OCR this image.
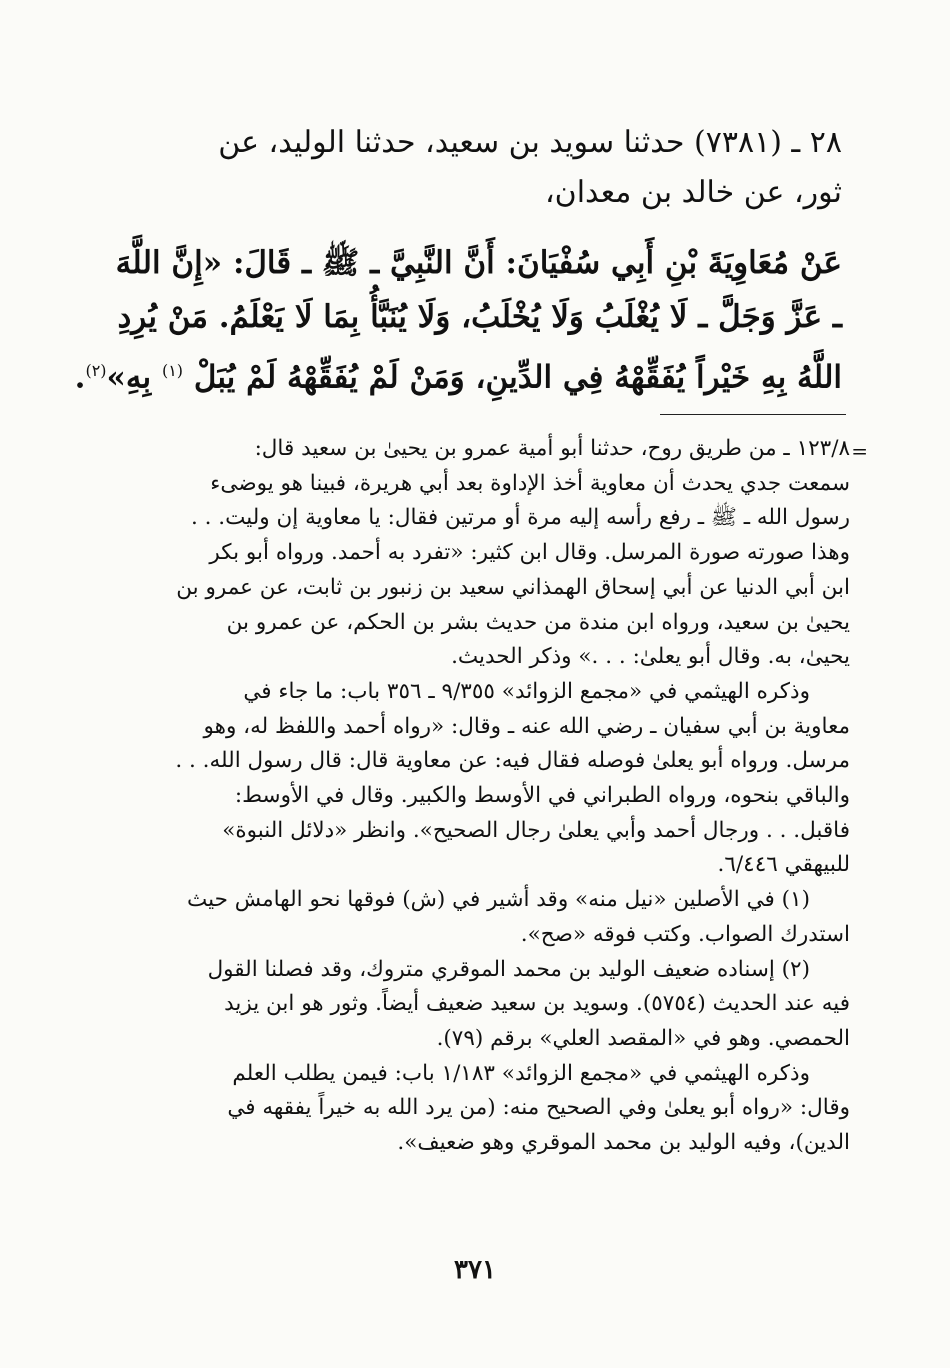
٢٨ ـ (٧٣٨١) حدثنا سويد بن سعيد، حدثنا الوليد، عن
ثور، عن خالد بن معدان،
عَنْ مُعَاوِيَةَ بْنِ أَبِي سُفْيَانَ: أَنَّ النَّبِيَّ ـ ﷺ ـ قَالَ: «إِنَّ اللَّهَ
ـ عَزَّ وَجَلَّ ـ لَا يُغْلَبُ وَلَا يُخْلَبُ، وَلَا يُنَبَّأُ بِمَا لَا يَعْلَمُ. مَنْ يُرِدِ
اللَّهُ بِهِ خَيْراً يُفَقِّهْهُ فِي الدِّينِ، وَمَنْ لَمْ يُفَقِّهْهُ لَمْ يُبَلْ $^{(١)}$ بِهِ»$^{(٢)}$.
=
١٢٣/٨ ـ من طريق روح، حدثنا أبو أمية عمرو بن يحيىٰ بن سعيد قال:
سمعت جدي يحدث أن معاوية أخذ الإداوة بعد أبي هريرة، فبينا هو يوضىء
رسول الله ـ ﷺ ـ رفع رأسه إليه مرة أو مرتين فقال: يا معاوية إن وليت. . .
وهذا صورته صورة المرسل. وقال ابن كثير: «تفرد به أحمد. ورواه أبو بكر
ابن أبي الدنيا عن أبي إسحاق الهمذاني سعيد بن زنبور بن ثابت، عن عمرو بن
يحيىٰ بن سعيد، ورواه ابن مندة من حديث بشر بن الحكم، عن عمرو بن
يحيىٰ، به. وقال أبو يعلىٰ: . . .» وذكر الحديث.
وذكره الهيثمي في «مجمع الزوائد» ٩/٣٥٥ ـ ٣٥٦ باب: ما جاء في
معاوية بن أبي سفيان ـ رضي الله عنه ـ وقال: «رواه أحمد واللفظ له، وهو
مرسل. ورواه أبو يعلىٰ فوصله فقال فيه: عن معاوية قال: قال رسول الله. . .
والباقي بنحوه، ورواه الطبراني في الأوسط والكبير. وقال في الأوسط:
فاقبل. . . ورجال أحمد وأبي يعلىٰ رجال الصحيح». وانظر «دلائل النبوة»
للبيهقي ٦/٤٤٦.
(١) في الأصلين «نيل منه» وقد أشير في (ش) فوقها نحو الهامش حيث
استدرك الصواب. وكتب فوقه «صح».
(٢) إسناده ضعيف الوليد بن محمد الموقري متروك، وقد فصلنا القول
فيه عند الحديث (٥٧٥٤). وسويد بن سعيد ضعيف أيضاً. وثور هو ابن يزيد
الحمصي. وهو في «المقصد العلي» برقم (٧٩).
وذكره الهيثمي في «مجمع الزوائد» ١/١٨٣ باب: فيمن يطلب العلم
وقال: «رواه أبو يعلىٰ وفي الصحيح منه: (من يرد الله به خيراً يفقهه في
الدين)، وفيه الوليد بن محمد الموقري وهو ضعيف».
٣٧١
